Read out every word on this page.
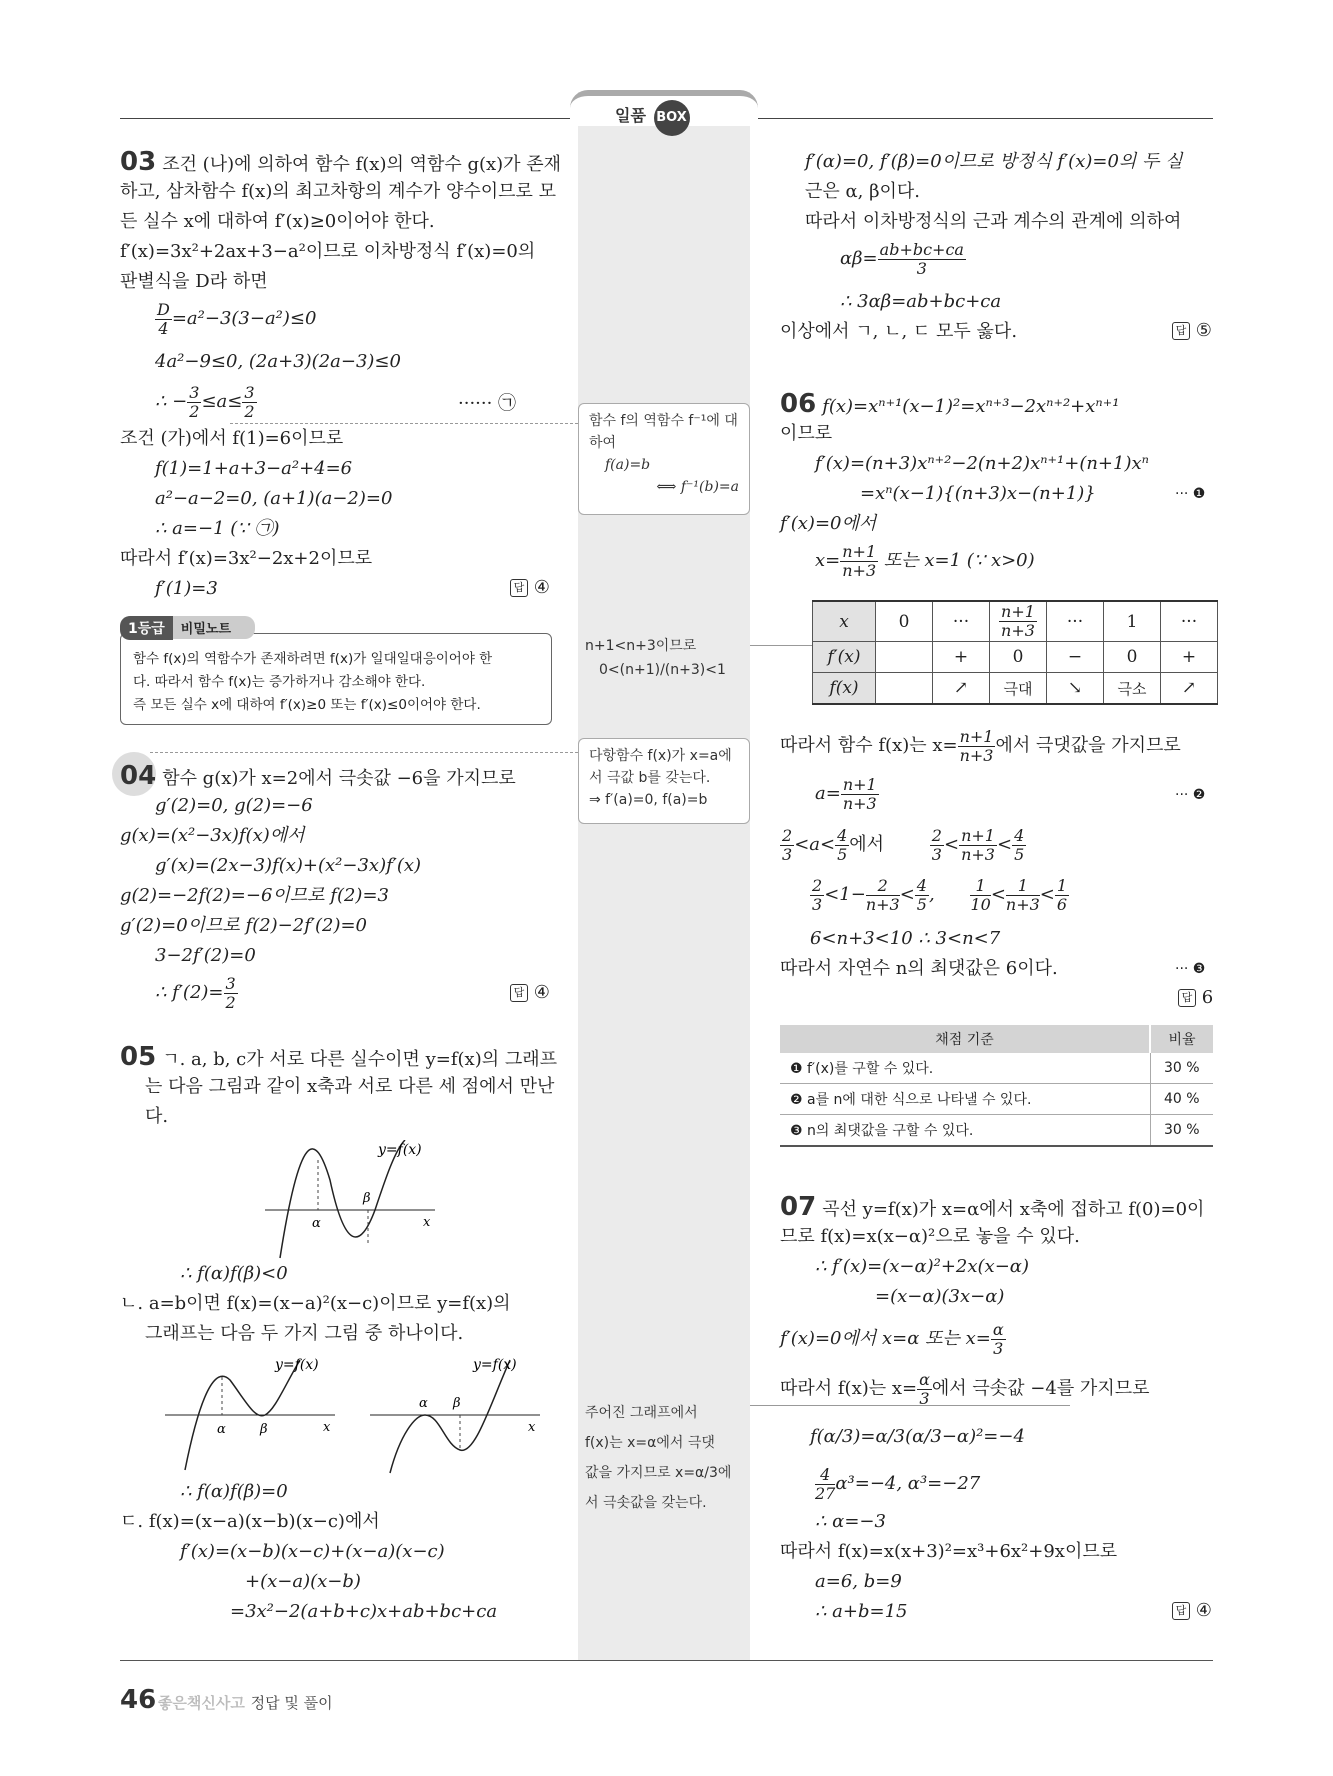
일품 BOX
03 조건 (나)에 의하여 함수 f(x)의 역함수 g(x)가 존재
하고, 삼차함수 f(x)의 최고차항의 계수가 양수이므로 모
든 실수 x에 대하여 f′(x)≥0이어야 한다.
f′(x)=3x²+2ax+3−a²이므로 이차방정식 f′(x)=0의
판별식을 D라 하면
$\frac{D}{4} =a^2-3(3-a^2)\le 0$
4a²−9≤0, (2a+3)(2a−3)≤0
∴ − $\frac{3}{2} \le a\le \frac{3}{2}$	······ ㉠
조건 (가)에서 f(1)=6이므로
f(1)=1+a+3−a²+4=6
a²−a−2=0, (a+1)(a−2)=0
∴ a=−1 (∵ ㉠)
따라서 f′(x)=3x²−2x+2이므로
f′(1)=3	답 ④
함수 f(x)의 역함수가 존재하려면 f(x)가 일대일대응이어야 한
다. 따라서 함수 f(x)는 증가하거나 감소해야 한다.
즉 모든 실수 x에 대하여 f′(x)≥0 또는 f′(x)≤0이어야 한다.
1등급 비밀노트
04 함수 g(x)가 x=2에서 극솟값 −6을 가지므로
g′(2)=0, g(2)=−6
g(x)=(x²−3x)f(x)에서
g′(x)=(2x−3)f(x)+(x²−3x)f′(x)
g(2)=−2f(2)=−6이므로 f(2)=3
g′(2)=0이므로 f(2)−2f′(2)=0
3−2f′(2)=0
∴ $f'(2)= \frac{3}{2}$	답 ④
05 ㄱ. a, b, c가 서로 다른 실수이면 y=f(x)의 그래프
는 다음 그림과 같이 x축과 서로 다른 세 점에서 만난
다.
y=f(x)
α
β
x
∴ f(α)f(β)<0
ㄴ. a=b이면 f(x)=(x−a)²(x−c)이므로 y=f(x)의
그래프는 다음 두 가지 그림 중 하나이다.
y=f(x)
α	β	x
y=f(x)
α β
x
∴ f(α)f(β)=0
ㄷ. f(x)=(x−a)(x−b)(x−c)에서
f′(x)=(x−b)(x−c)+(x−a)(x−c)
+(x−a)(x−b)
=3x²−2(a+b+c)x+ab+bc+ca
f′(α)=0, f′(β)=0이므로 방정식 f′(x)=0의 두 실
근은 α, β이다.
따라서 이차방정식의 근과 계수의 관계에 의하여
$\alpha\beta= \frac{ab+bc+ca}{3}$
∴ 3αβ=ab+bc+ca
이상에서 ㄱ, ㄴ, ㄷ 모두 옳다.	답 ⑤
06 f(x)=xⁿ⁺¹(x−1)²=xⁿ⁺³−2xⁿ⁺²+xⁿ⁺¹
이므로
f′(x)=(n+3)xⁿ⁺²−2(n+2)xⁿ⁺¹+(n+1)xⁿ
=xⁿ(x−1){(n+3)x−(n+1)}	··· ❶
f′(x)=0에서
$x= \frac{n+1}{n+3}$ 또는 x=1 (∵ x>0)
x	0	···	$\frac{n+1}{n+3}$	···	1	···
f′(x)		+	0	−	0	+
f(x)		↗	극대	↘	극소	↗
따라서 함수 f(x)는 $x= \frac{n+1}{n+3}$ 에서 극댓값을 가지므로
$a= \frac{n+1}{n+3}$	··· ❷
$\frac{2}{3} <a< \frac{4}{5}$ 에서	$\frac{2}{3} < \frac{n+1}{n+3} < \frac{4}{5}$
$\frac{2}{3} <1- \frac{2}{n+3} < \frac{4}{5}$ , $\frac{1}{10} < \frac{1}{n+3} < \frac{1}{6}$
6<n+3<10 ∴ 3<n<7
따라서 자연수 n의 최댓값은 6이다.	··· ❸
답 6
채점 기준	비율
❶ f′(x)를 구할 수 있다.	30 %
❷ a를 n에 대한 식으로 나타낼 수 있다.	40 %
❸ n의 최댓값을 구할 수 있다.	30 %
07 곡선 y=f(x)가 x=α에서 x축에 접하고 f(0)=0이
므로 f(x)=x(x−α)²으로 놓을 수 있다.
∴ f′(x)=(x−α)²+2x(x−α)
=(x−α)(3x−α)
f′(x)=0에서 x=α 또는 $x= \frac{\alpha}{3}$
따라서 f(x)는 $x= \frac{\alpha}{3}$ 에서 극솟값 −4를 가지므로
f(α/3)=α/3(α/3−α)²=−4
$\frac{4}{27} \alpha^3=-4$, α³=−27
∴ α=−3
따라서 f(x)=x(x+3)²=x³+6x²+9x이므로
a=6, b=9
∴ a+b=15	답 ④
함수 f의 역함수 f⁻¹에 대
하여
f(a)=b
⟺ f⁻¹(b)=a
n+1<n+3이므로
0<(n+1)/(n+3)<1
다항함수 f(x)가 x=a에
서 극값 b를 갖는다.
⇒ f′(a)=0, f(a)=b
주어진 그래프에서
f(x)는 x=α에서 극댓
값을 가지므로 x=α/3에
서 극솟값을 갖는다.
46 좋은책신사고 정답 및 풀이
